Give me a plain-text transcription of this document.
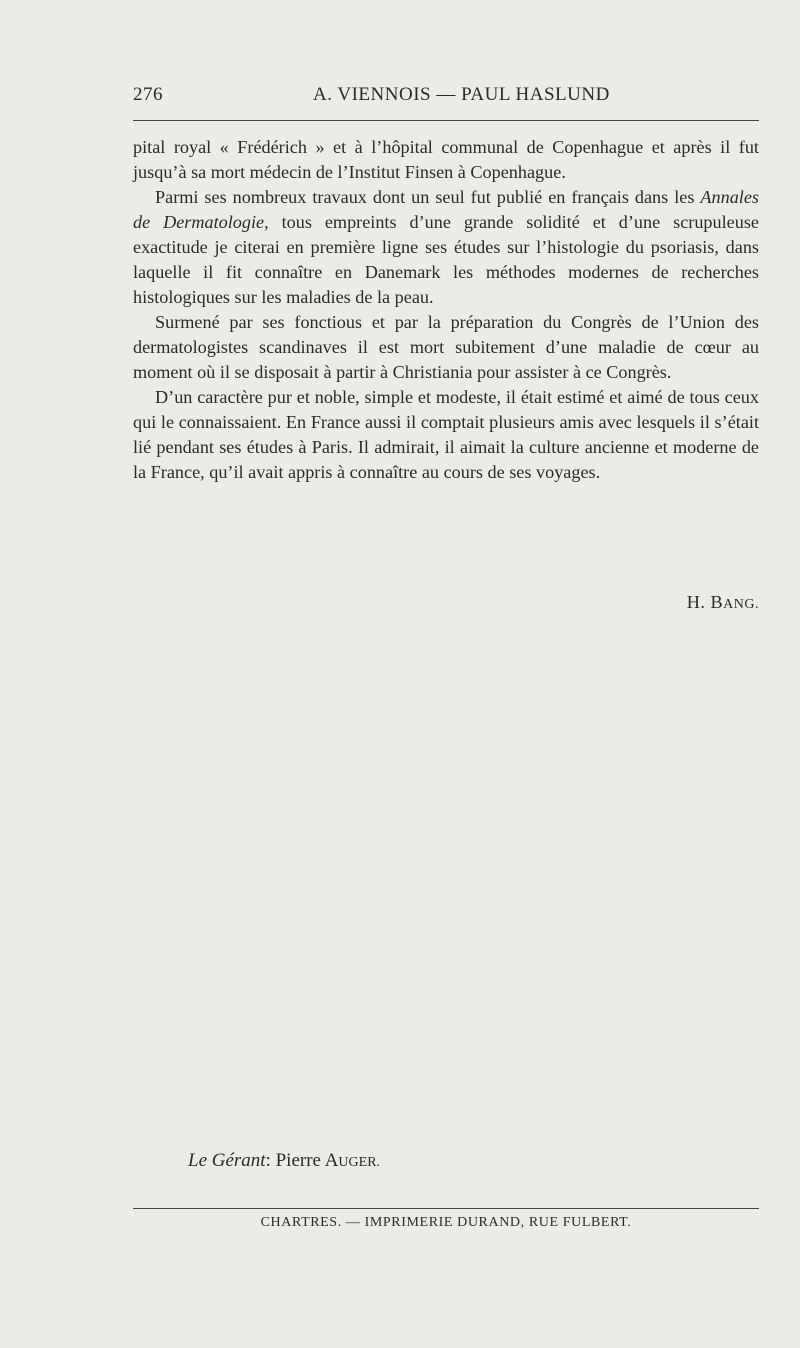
276	A. VIENNOIS — PAUL HASLUND

pital royal « Frédérich » et à l’hôpital communal de Copenhague et après il fut jusqu’à sa mort médecin de l’Institut Finsen à Copenhague.

Parmi ses nombreux travaux dont un seul fut publié en français dans les Annales de Dermatologie, tous empreints d’une grande solidité et d’une scrupuleuse exactitude je citerai en première ligne ses études sur l’histologie du psoriasis, dans laquelle il fit connaître en Danemark les méthodes modernes de recherches histologiques sur les maladies de la peau.

Surmené par ses fonctious et par la préparation du Congrès de l’Union des dermatologistes scandinaves il est mort subitement d’une maladie de cœur au moment où il se disposait à partir à Christiania pour assister à ce Congrès.

D’un caractère pur et noble, simple et modeste, il était estimé et aimé de tous ceux qui le connaissaient. En France aussi il comptait plusieurs amis avec lesquels il s’était lié pendant ses études à Paris. Il admirait, il aimait la culture ancienne et moderne de la France, qu’il avait appris à connaître au cours de ses voyages.

H. BANG.
Le Gérant: Pierre AUGER.
CHARTRES. — IMPRIMERIE DURAND, RUE FULBERT.
